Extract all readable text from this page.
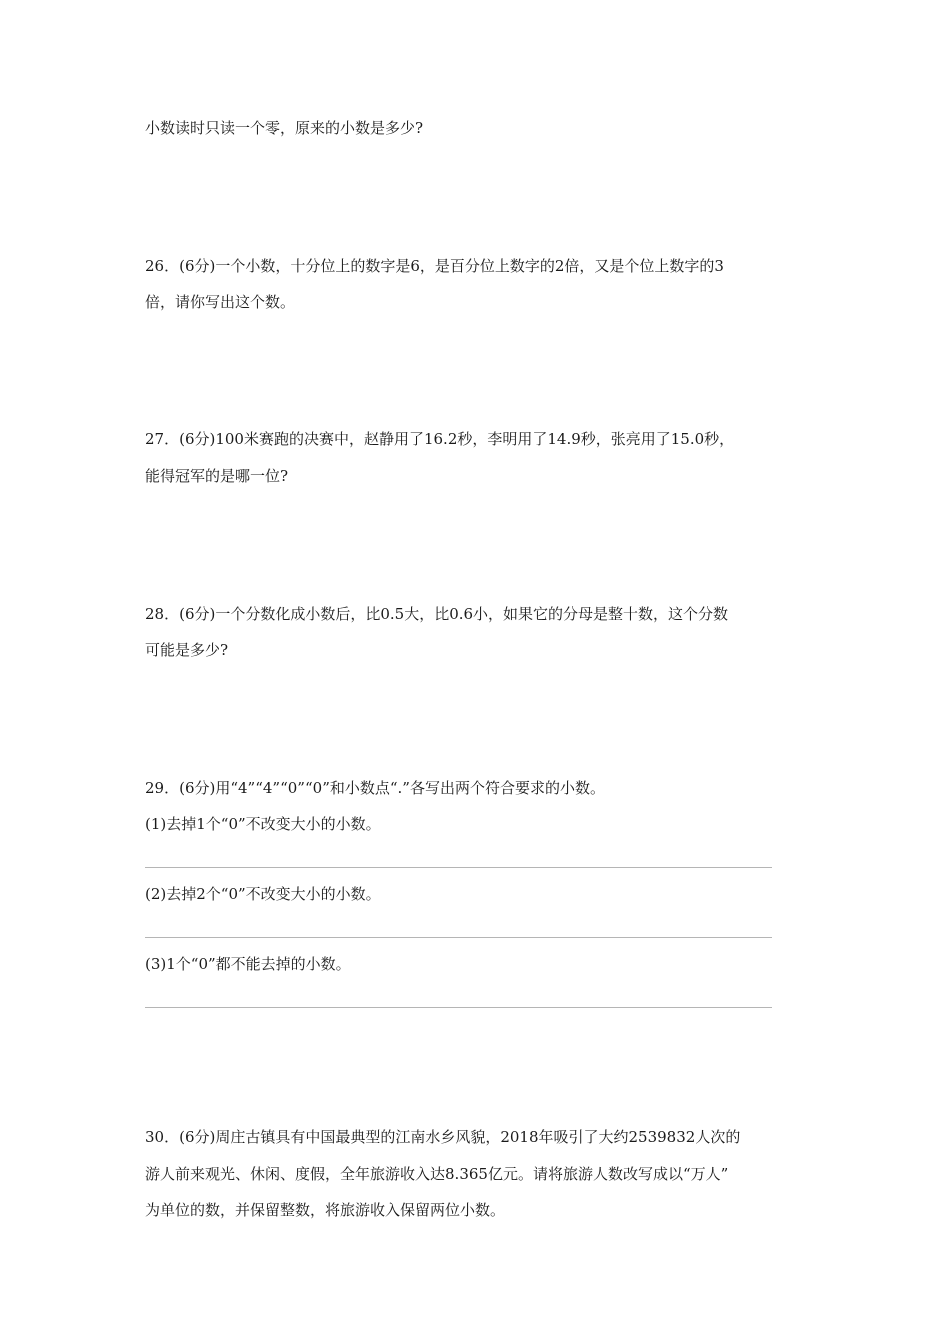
小数读时只读一个零，原来的小数是多少?
26．(6分)一个小数，十分位上的数字是6，是百分位上数字的2倍，又是个位上数字的3
倍，请你写出这个数。
27．(6分)100米赛跑的决赛中，赵静用了16.2秒，李明用了14.9秒，张亮用了15.0秒，
能得冠军的是哪一位?
28．(6分)一个分数化成小数后，比0.5大，比0.6小，如果它的分母是整十数，这个分数
可能是多少?
29．(6分)用“4”“4”“0”“0”和小数点“.”各写出两个符合要求的小数。
(1)去掉1个“0”不改变大小的小数。
(2)去掉2个“0”不改变大小的小数。
(3)1个“0”都不能去掉的小数。
30．(6分)周庄古镇具有中国最典型的江南水乡风貌，2018年吸引了大约2539832人次的
游人前来观光、休闲、度假，全年旅游收入达8.365亿元。请将旅游人数改写成以“万人”
为单位的数，并保留整数，将旅游收入保留两位小数。
